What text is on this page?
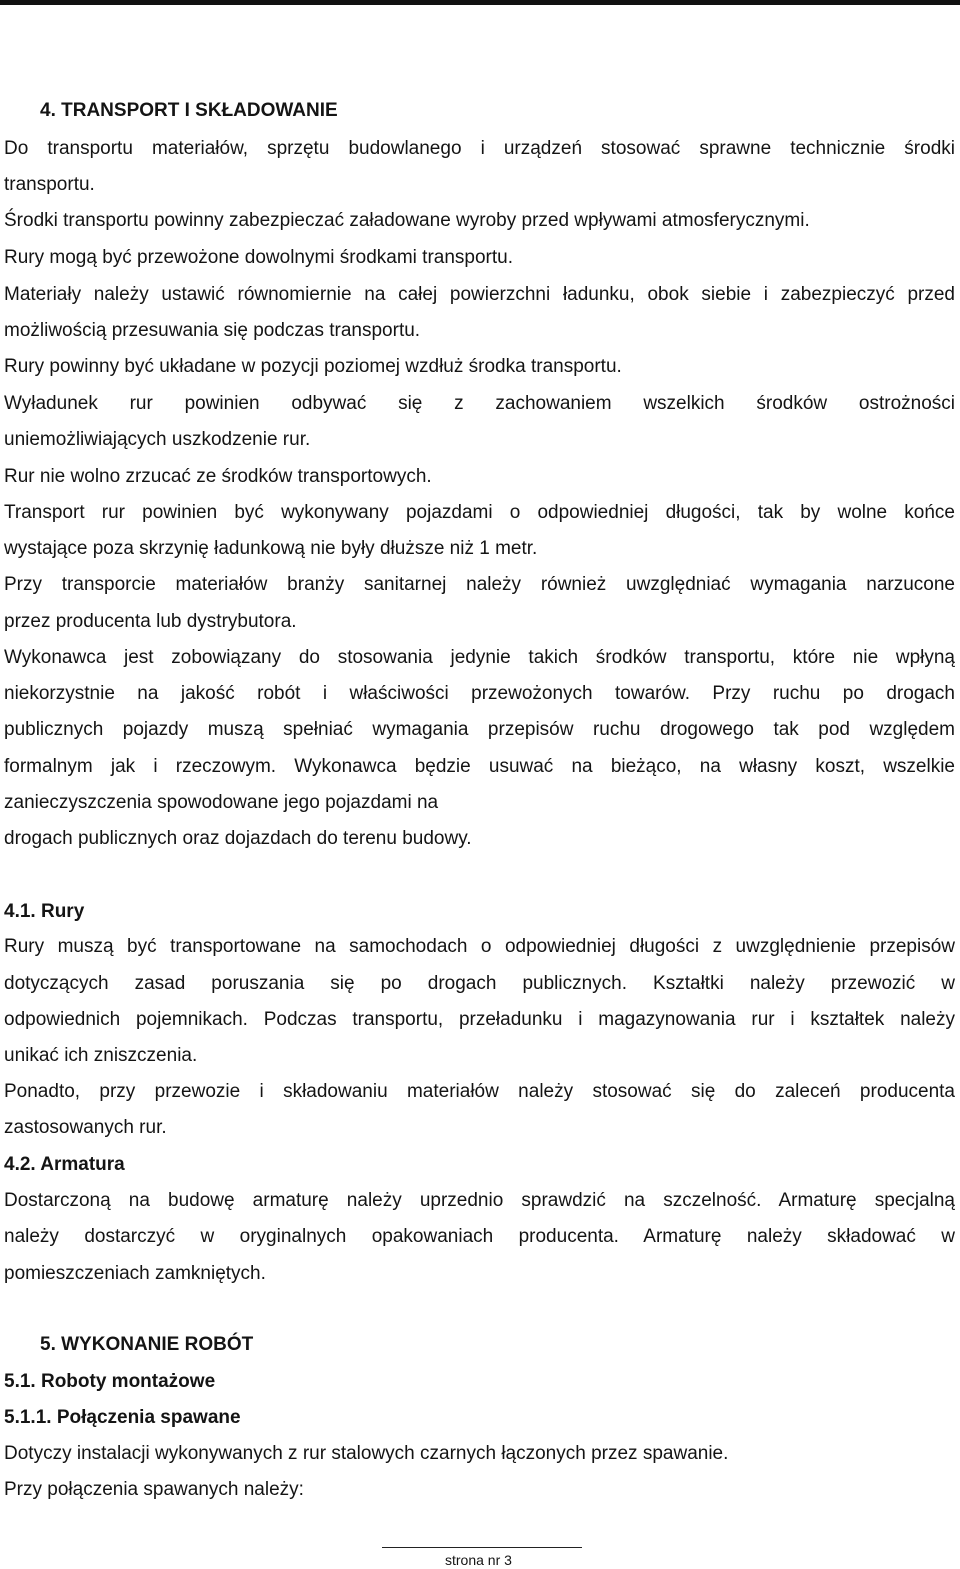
4. TRANSPORT I SKŁADOWANIE
Do transportu materiałów, sprzętu budowlanego i urządzeń stosować sprawne technicznie środki
transportu.
Środki transportu powinny zabezpieczać załadowane wyroby przed wpływami atmosferycznymi.
Rury mogą być przewożone dowolnymi środkami transportu.
Materiały należy ustawić równomiernie na całej powierzchni ładunku, obok siebie i zabezpieczyć przed
możliwością przesuwania się podczas transportu.
Rury powinny być układane w pozycji poziomej wzdłuż środka transportu.
Wyładunek rur powinien odbywać się z zachowaniem wszelkich środków ostrożności
uniemożliwiających uszkodzenie rur.
Rur nie wolno zrzucać ze środków transportowych.
Transport rur powinien być wykonywany pojazdami o odpowiedniej długości, tak by wolne końce
wystające poza skrzynię ładunkową nie były dłuższe niż 1 metr.
Przy transporcie materiałów branży sanitarnej należy również uwzględniać wymagania narzucone
przez producenta lub dystrybutora.
Wykonawca jest zobowiązany do stosowania jedynie takich środków transportu, które nie wpłyną
niekorzystnie na jakość robót i właściwości przewożonych towarów. Przy ruchu po drogach
publicznych pojazdy muszą spełniać wymagania przepisów ruchu drogowego tak pod względem
formalnym jak i rzeczowym. Wykonawca będzie usuwać na bieżąco, na własny koszt, wszelkie
zanieczyszczenia spowodowane jego pojazdami na
drogach publicznych oraz dojazdach do terenu budowy.
4.1. Rury
Rury muszą być transportowane na samochodach o odpowiedniej długości z uwzględnienie przepisów
dotyczących zasad poruszania się po drogach publicznych. Kształtki należy przewozić w
odpowiednich pojemnikach. Podczas transportu, przeładunku i magazynowania rur i kształtek należy
unikać ich zniszczenia.
Ponadto, przy przewozie i składowaniu materiałów należy stosować się do zaleceń producenta
zastosowanych rur.
4.2. Armatura
Dostarczoną na budowę armaturę należy uprzednio sprawdzić na szczelność. Armaturę specjalną
należy dostarczyć w oryginalnych opakowaniach producenta. Armaturę należy składować w
pomieszczeniach zamkniętych.
5. WYKONANIE ROBÓT
5.1. Roboty montażowe
5.1.1. Połączenia spawane
Dotyczy instalacji wykonywanych z rur stalowych czarnych łączonych przez spawanie.
Przy połączenia spawanych należy:
strona nr 3
